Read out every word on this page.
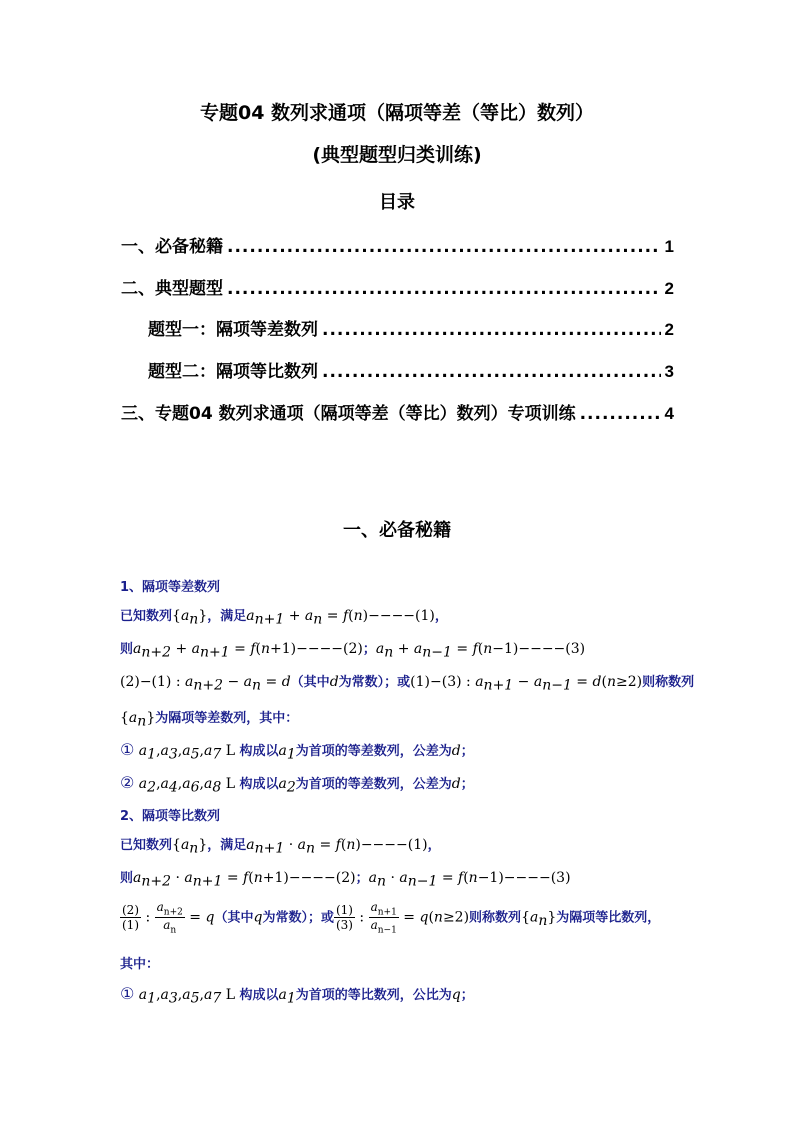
专题04 数列求通项（隔项等差（等比）数列）
(典型题型归类训练)
目录
一、必备秘籍 .....	1
二、典型题型 .....	2
题型一：隔项等差数列 .....	2
题型二：隔项等比数列 .....	3
三、专题04 数列求通项（隔项等差（等比）数列）专项训练 .....	4
一、必备秘籍
1、隔项等差数列
已知数列$\{a_n\}$，满足$a_{n+1} + a_n = f(n)----(1)$，
则$a_{n+2} + a_{n+1} = f(n+1)----(2)$；$a_n + a_{n-1} = f(n-1)----(3)$
(2)−(1) : $a_{n+2} - a_n = d$（其中d为常数）；或(1)−(3) : $a_{n+1} - a_{n-1} = d(n\ge 2)$则称数列
$\{a_n\}$为隔项等差数列，其中：
① $a_1,a_3,a_5,a_7$ L 构成以$a_1$为首项的等差数列，公差为d；
② $a_2,a_4,a_6,a_8$ L 构成以$a_2$为首项的等差数列，公差为d；
2、隔项等比数列
已知数列$\{a_n\}$，满足$a_{n+1} \cdot a_n = f(n)----(1)$，
则$a_{n+2} \cdot a_{n+1} = f(n+1)----(2)$；$a_n \cdot a_{n-1} = f(n-1)----(3)$
$\frac{(2)}{(1)}$ : $\frac{a_{n+2}}{a_n} = q$（其中q为常数）；或 $\frac{(1)}{(3)}$ : $\frac{a_{n+1}}{a_{n-1}} = q(n\ge 2)$则称数列$\{a_n\}$为隔项等比数列，
其中：
① $a_1,a_3,a_5,a_7$ L 构成以$a_1$为首项的等比数列，公比为q；
